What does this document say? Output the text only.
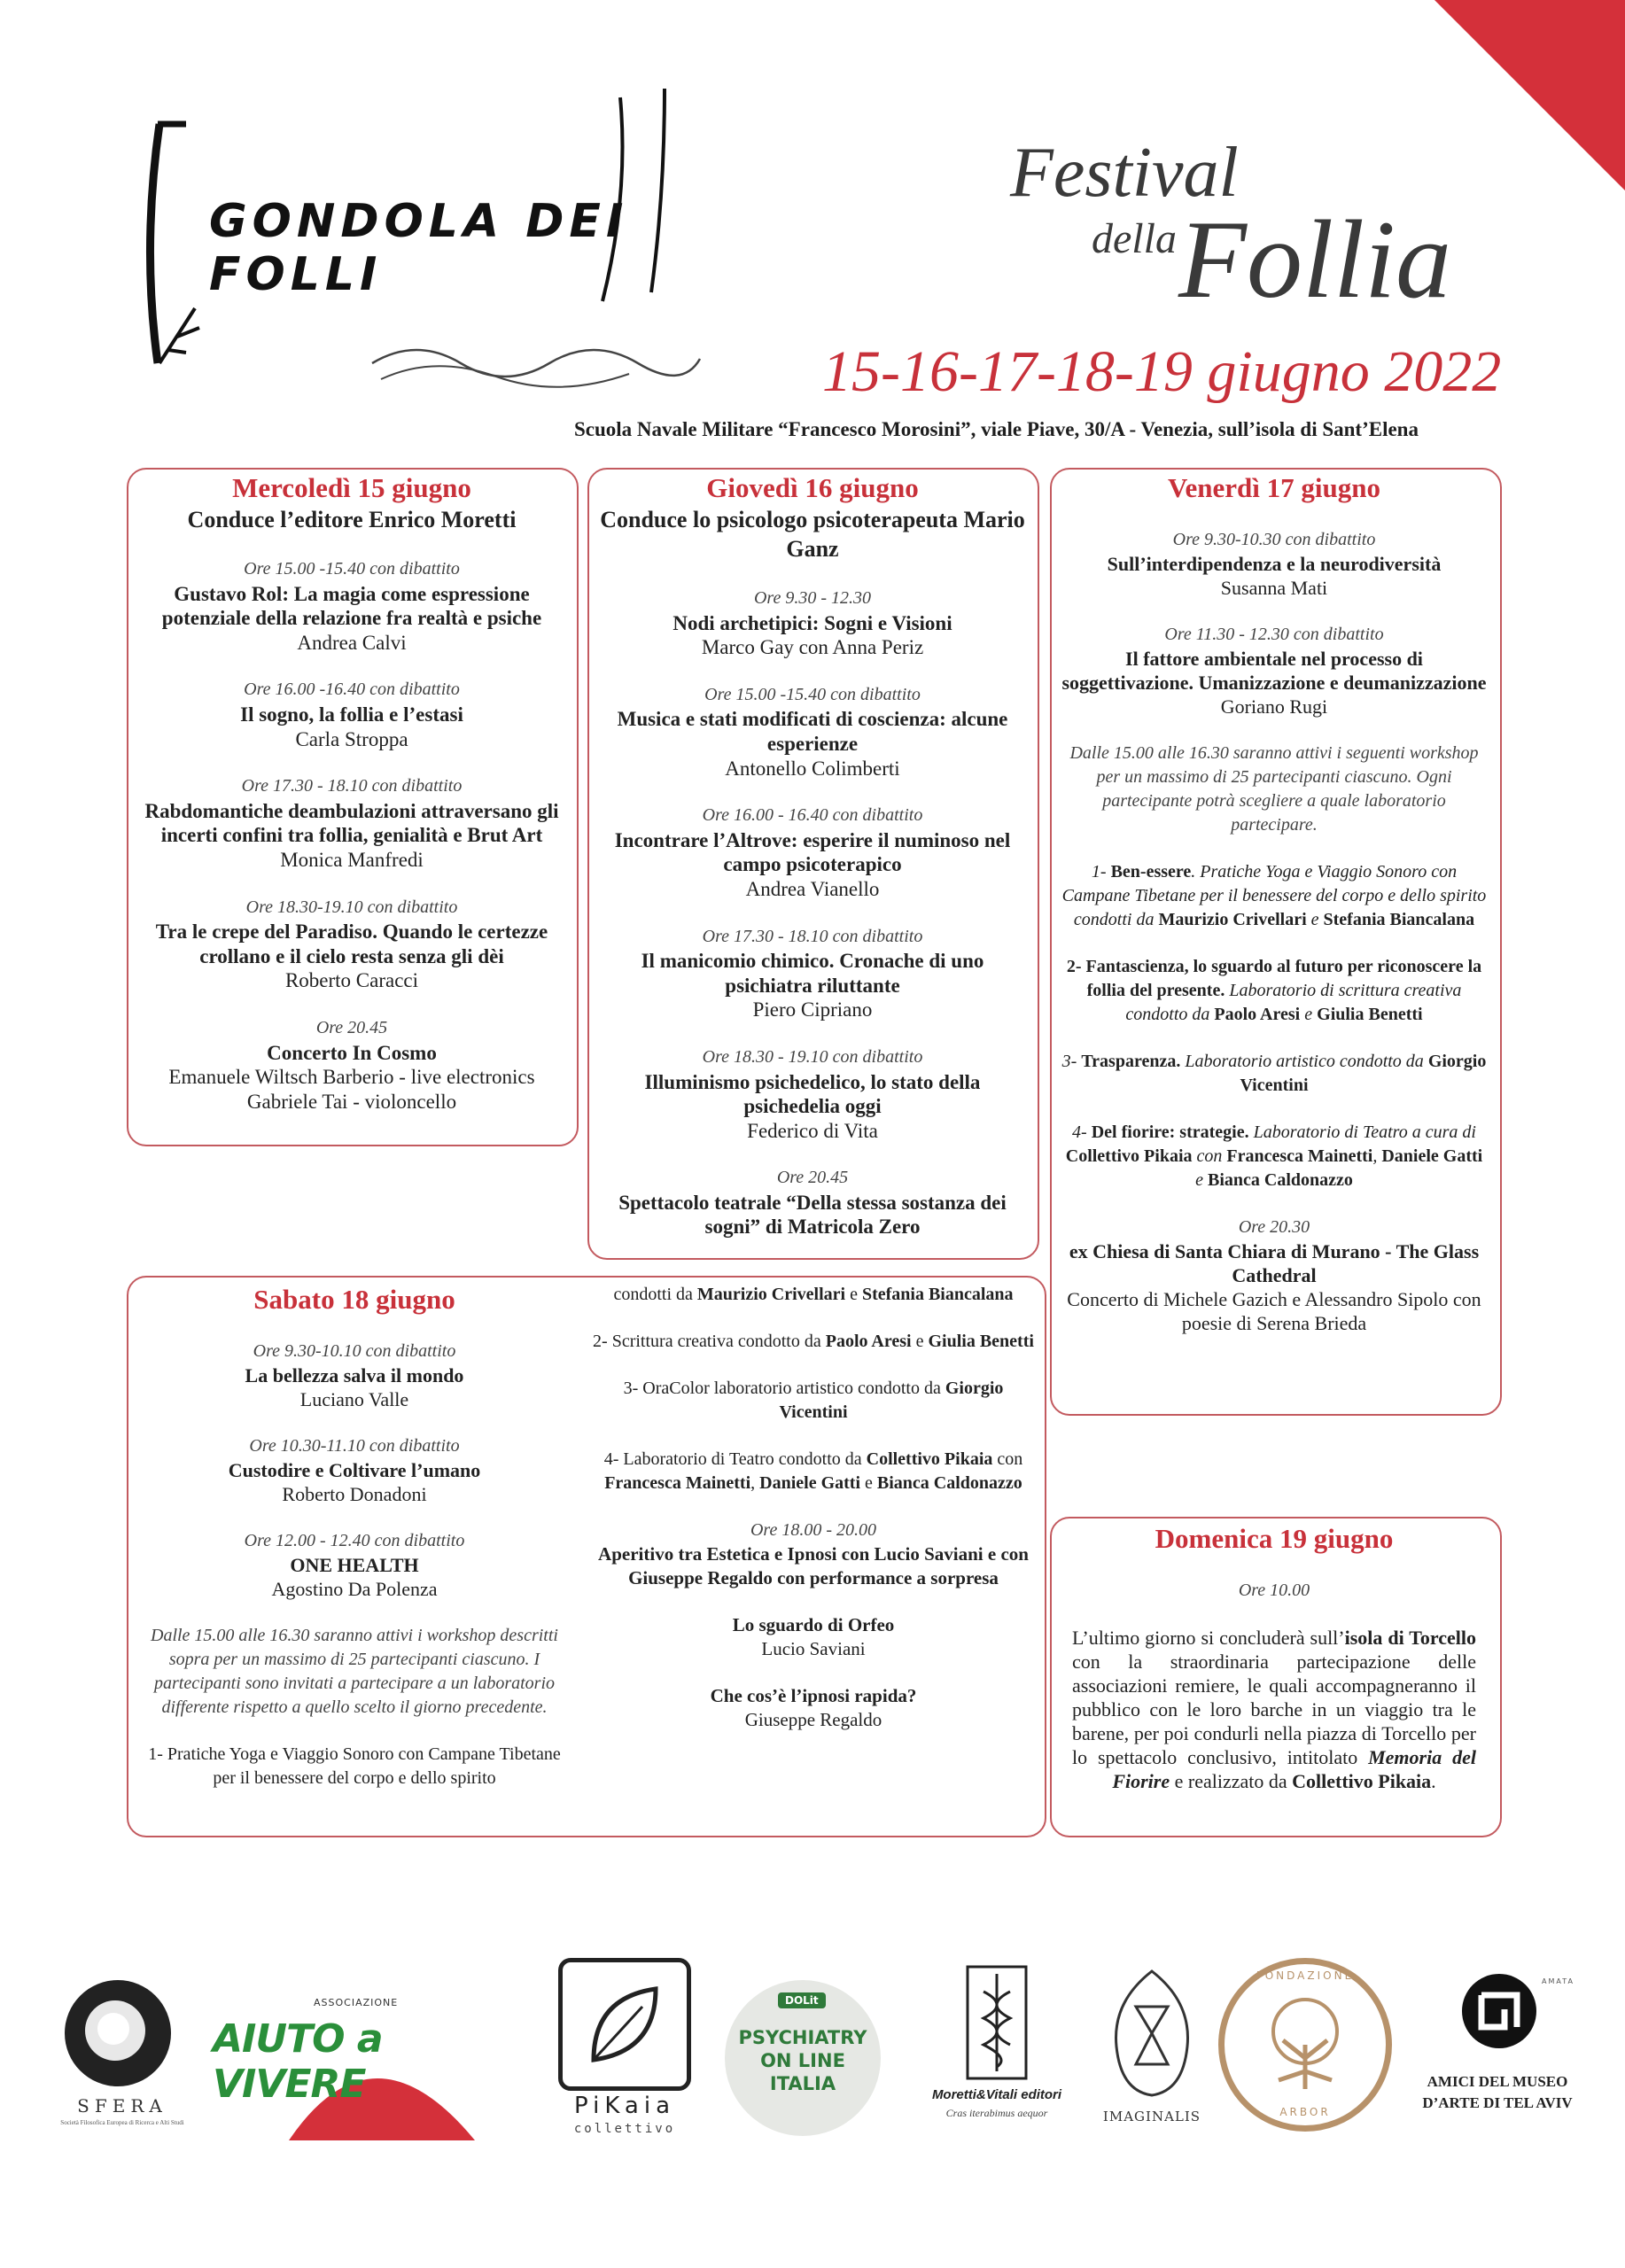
GONDOLA DEI FOLLI
Festival
della Follia
15-16-17-18-19 giugno 2022
Scuola Navale Militare “Francesco Morosini”, viale Piave, 30/A - Venezia, sull’isola di Sant’Elena
Mercoledì 15 giugno
Conduce l’editore Enrico Moretti
Ore 15.00 -15.40 con dibattito
Gustavo Rol: La magia come espressione potenziale della relazione fra realtà e psiche
Andrea Calvi
Ore 16.00 -16.40 con dibattito
Il sogno, la follia e l’estasi
Carla Stroppa
Ore 17.30 - 18.10 con dibattito
Rabdomantiche deambulazioni attraversano gli incerti confini tra follia, genialità e Brut Art
Monica Manfredi
Ore 18.30-19.10 con dibattito
Tra le crepe del Paradiso. Quando le certezze crollano e il cielo resta senza gli dèi
Roberto Caracci
Ore 20.45
Concerto In Cosmo
Emanuele Wiltsch Barberio - live electronics
Gabriele Tai - violoncello
Giovedì 16 giugno
Conduce lo psicologo psicoterapeuta Mario Ganz
Ore 9.30 - 12.30
Nodi archetipici: Sogni e Visioni
Marco Gay con Anna Periz
Ore 15.00 -15.40 con dibattito
Musica e stati modificati di coscienza: alcune esperienze
Antonello Colimberti
Ore 16.00 - 16.40 con dibattito
Incontrare l’Altrove: esperire il numinoso nel campo psicoterapico
Andrea Vianello
Ore 17.30 - 18.10 con dibattito
Il manicomio chimico. Cronache di uno psichiatra riluttante
Piero Cipriano
Ore 18.30 - 19.10 con dibattito
Illuminismo psichedelico, lo stato della psichedelia oggi
Federico di Vita
Ore 20.45
Spettacolo teatrale “Della stessa sostanza dei sogni” di Matricola Zero
Venerdì 17 giugno
Ore 9.30-10.30 con dibattito
Sull’interdipendenza e la neurodiversità
Susanna Mati
Ore 11.30 - 12.30 con dibattito
Il fattore ambientale nel processo di soggettivazione. Umanizzazione e deumanizzazione
Goriano Rugi
Dalle 15.00 alle 16.30 saranno attivi i seguenti workshop per un massimo di 25 partecipanti ciascuno. Ogni partecipante potrà scegliere a quale laboratorio partecipare.
1- Ben-essere. Pratiche Yoga e Viaggio Sonoro con Campane Tibetane per il benessere del corpo e dello spirito condotti da Maurizio Crivellari e Stefania Biancalana
2- Fantascienza, lo sguardo al futuro per riconoscere la follia del presente. Laboratorio di scrittura creativa condotto da Paolo Aresi e Giulia Benetti
3- Trasparenza. Laboratorio artistico condotto da Giorgio Vicentini
4- Del fiorire: strategie. Laboratorio di Teatro a cura di Collettivo Pikaia con Francesca Mainetti, Daniele Gatti e Bianca Caldonazzo
Ore 20.30
ex Chiesa di Santa Chiara di Murano - The Glass Cathedral
Concerto di Michele Gazich e Alessandro Sipolo con poesie di Serena Brieda
Sabato 18 giugno
Ore 9.30-10.10 con dibattito
La bellezza salva il mondo
Luciano Valle
Ore 10.30-11.10 con dibattito
Custodire e Coltivare l’umano
Roberto Donadoni
Ore 12.00 - 12.40 con dibattito
ONE HEALTH
Agostino Da Polenza
Dalle 15.00 alle 16.30 saranno attivi i workshop descritti sopra per un massimo di 25 partecipanti ciascuno. I partecipanti sono invitati a partecipare a un laboratorio differente rispetto a quello scelto il giorno precedente.
1- Pratiche Yoga e Viaggio Sonoro con Campane Tibetane per il benessere del corpo e dello spirito
condotti da Maurizio Crivellari e Stefania Biancalana
2- Scrittura creativa condotto da Paolo Aresi e Giulia Benetti
3- OraColor laboratorio artistico condotto da Giorgio Vicentini
4- Laboratorio di Teatro condotto da Collettivo Pikaia con Francesca Mainetti, Daniele Gatti e Bianca Caldonazzo
Ore 18.00 - 20.00
Aperitivo tra Estetica e Ipnosi con Lucio Saviani e con Giuseppe Regaldo con performance a sorpresa
Lo sguardo di Orfeo
Lucio Saviani
Che cos’è l’ipnosi rapida?
Giuseppe Regaldo
Domenica 19 giugno
Ore 10.00
L’ultimo giorno si concluderà sull’isola di Torcello con la straordinaria partecipazione delle associazioni remiere, le quali accompagneranno il pubblico con le loro barche in un viaggio tra le barene, per poi condurli nella piazza di Torcello per lo spettacolo conclusivo, intitolato Memoria del Fiorire e realizzato da Collettivo Pikaia.
SFERA
Società Filosofica Europea di Ricerca e Alti Studi
ASSOCIAZIONE
AIUTO a VIVERE	PiKaia
collettivo
DOLit
PSYCHIATRY ON LINE ITALIA
Moretti&Vitali editori
Cras iterabimus aequor	IMAGINALIS
FONDAZIONE
ARBOR
AMATA
AMICI DEL MUSEO
D’ARTE DI TEL AVIV
